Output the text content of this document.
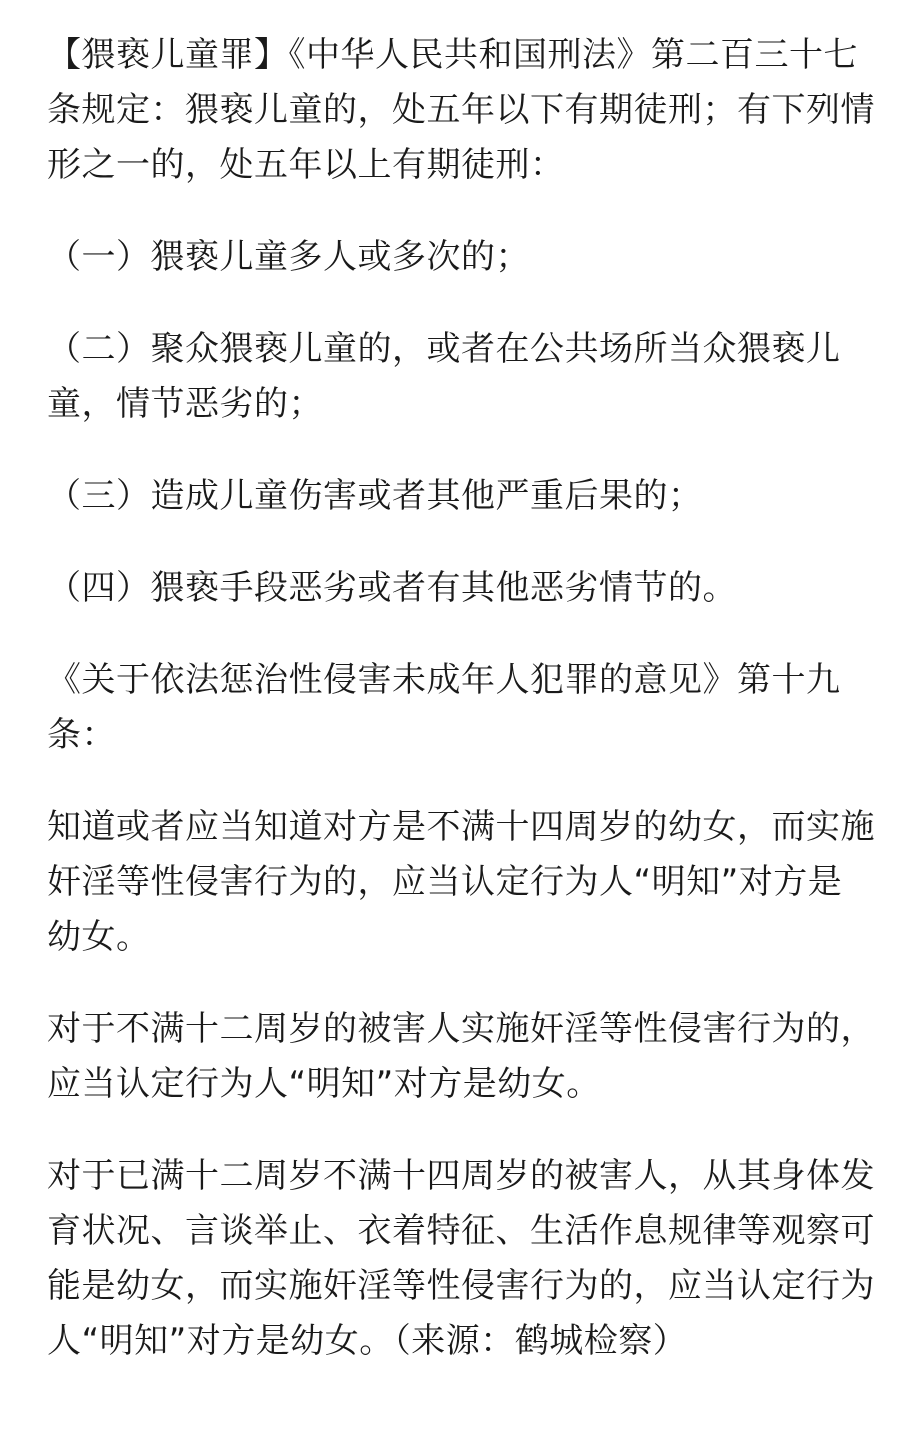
【猥亵儿童罪】《中华人民共和国刑法》第二百三十七条规定：猥亵儿童的，处五年以下有期徒刑；有下列情形之一的，处五年以上有期徒刑：

（一）猥亵儿童多人或多次的；

（二）聚众猥亵儿童的，或者在公共场所当众猥亵儿童，情节恶劣的；

（三）造成儿童伤害或者其他严重后果的；

（四）猥亵手段恶劣或者有其他恶劣情节的。

《关于依法惩治性侵害未成年人犯罪的意见》第十九条：

知道或者应当知道对方是不满十四周岁的幼女，而实施奸淫等性侵害行为的，应当认定行为人“明知”对方是幼女。

对于不满十二周岁的被害人实施奸淫等性侵害行为的，应当认定行为人“明知”对方是幼女。

对于已满十二周岁不满十四周岁的被害人，从其身体发育状况、言谈举止、衣着特征、生活作息规律等观察可能是幼女，而实施奸淫等性侵害行为的，应当认定行为人“明知”对方是幼女。（来源：鹤城检察）
